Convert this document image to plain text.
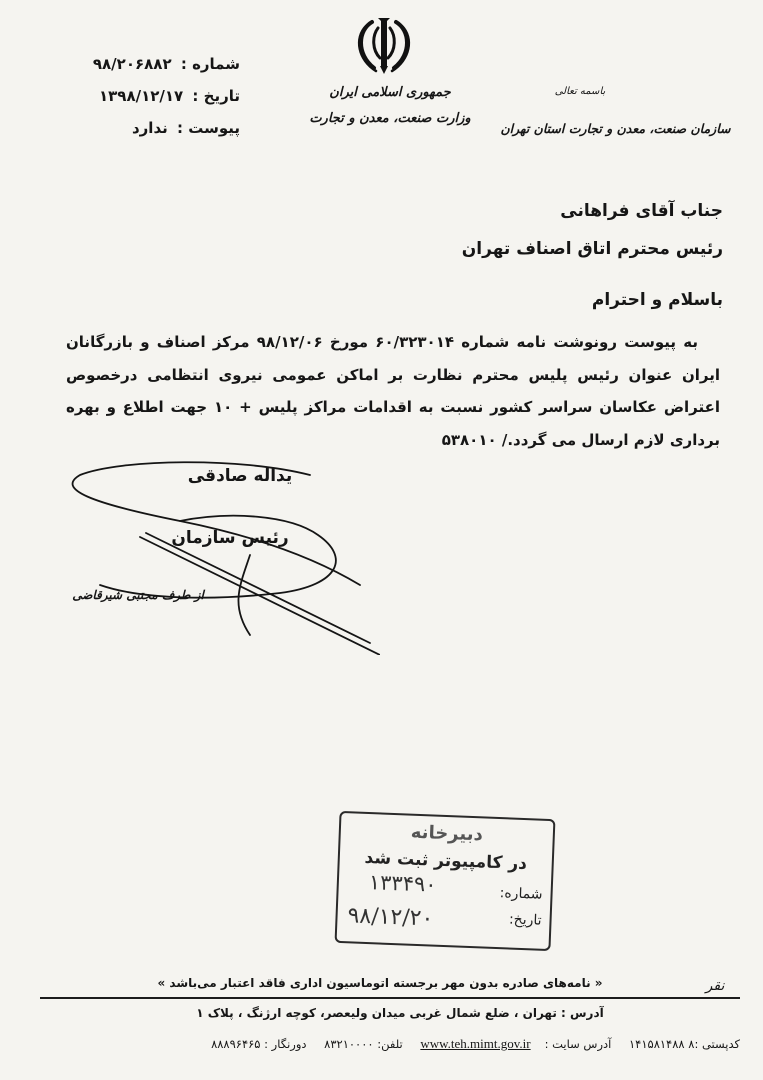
شماره : ۹۸/۲۰۶۸۸۲
تاریخ : ۱۳۹۸/۱۲/۱۷
پیوست : ندارد
جمهوری اسلامی ایران
وزارت صنعت، معدن و تجارت
باسمه تعالی
سازمان صنعت، معدن و تجارت استان تهران
جناب آقای فراهانی
رئیس محترم اتاق اصناف تهران
باسلام و احترام
به پیوست رونوشت نامه شماره ۶۰/۳۲۳۰۱۴ مورخ ۹۸/۱۲/۰۶ مرکز اصناف و بازرگانان ایران عنوان رئیس پلیس محترم نظارت بر اماکن عمومی نیروی انتظامی درخصوص اعتراض عکاسان سراسر کشور نسبت به اقدامات مراکز پلیس + ۱۰ جهت اطلاع و بهره برداری لازم ارسال می گردد./ ۵۳۸۰۱۰
یداله صادقی
رئیس سازمان
از طرف مجتبی شیرقاضی
دبیرخانه
در کامپیوتر ثبت شد
۱۳۳۴۹۰	شماره:
۹۸/۱۲/۲۰	تاریخ:
نقر
« نامه‌های صادره بدون مهر برجسته اتوماسیون اداری فاقد اعتبار می‌باشد »
آدرس : تهران ، ضلع شمال غربی میدان ولیعصر، کوچه ارژنگ ، پلاک ۱
کدپستی :۸ ۱۴۱۵۸۱۴۸۸ آدرس سایت :www.teh.mimt.gov.ir تلفن: ۸۳۲۱۰۰۰۰ دورنگار : ۸۸۸۹۶۴۶۵
